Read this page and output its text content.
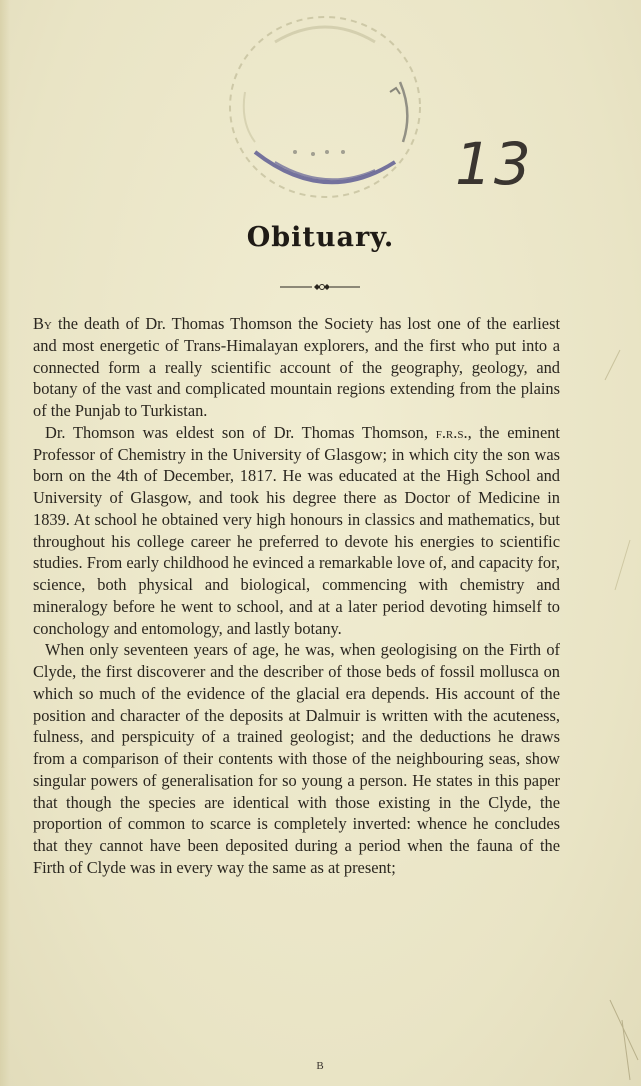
13
Obituary.

By the death of Dr. Thomas Thomson the Society has lost one of the earliest and most energetic of Trans-Himalayan explorers, and the first who put into a connected form a really scientific account of the geography, geology, and botany of the vast and complicated mountain regions extending from the plains of the Punjab to Turkistan.

Dr. Thomson was eldest son of Dr. Thomas Thomson, f.r.s., the eminent Professor of Chemistry in the University of Glasgow; in which city the son was born on the 4th of December, 1817. He was educated at the High School and University of Glasgow, and took his degree there as Doctor of Medicine in 1839. At school he obtained very high honours in classics and mathematics, but throughout his college career he preferred to devote his energies to scientific studies. From early childhood he evinced a remarkable love of, and capacity for, science, both physical and biological, commencing with chemistry and mineralogy before he went to school, and at a later period devoting himself to conchology and entomology, and lastly botany.

When only seventeen years of age, he was, when geologising on the Firth of Clyde, the first discoverer and the describer of those beds of fossil mollusca on which so much of the evidence of the glacial era depends. His account of the position and character of the deposits at Dalmuir is written with the acuteness, fulness, and perspicuity of a trained geologist; and the deductions he draws from a comparison of their contents with those of the neighbouring seas, show singular powers of generalisation for so young a person. He states in this paper that though the species are identical with those existing in the Clyde, the proportion of common to scarce is completely inverted: whence he concludes that they cannot have been deposited during a period when the fauna of the Firth of Clyde was in every way the same as at present;

B
